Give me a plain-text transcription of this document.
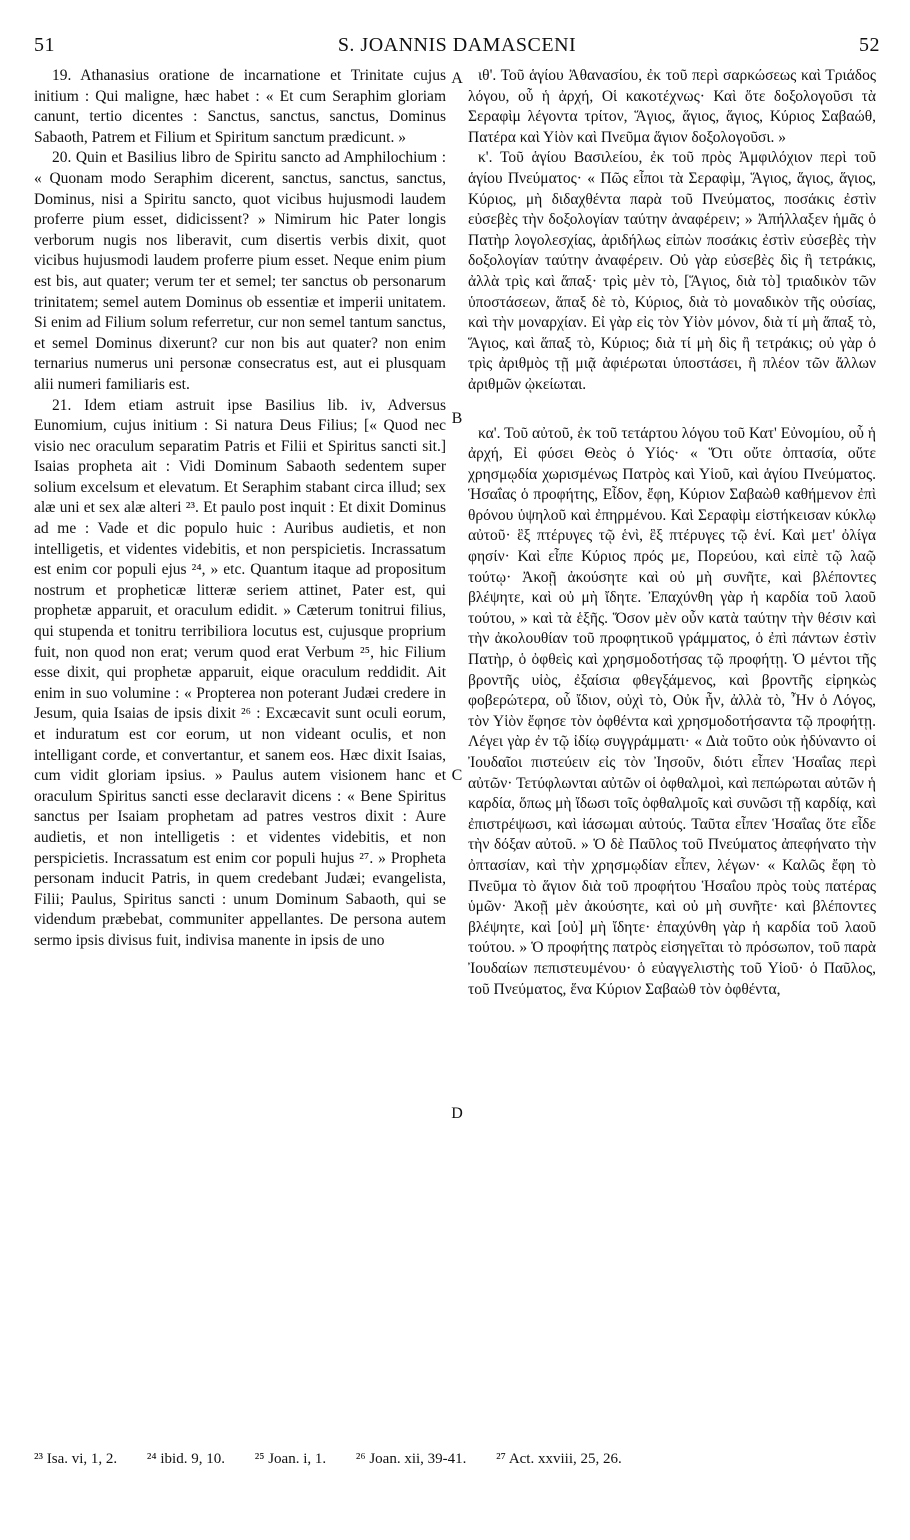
51	S. JOANNIS DAMASCENI	52

19. Athanasius oratione de incarnatione et Trinitate cujus initium : Qui maligne, hæc habet : « Et cum Seraphim gloriam canunt, tertio dicentes : Sanctus, sanctus, sanctus, Dominus Sabaoth, Patrem et Filium et Spiritum sanctum prædicunt. »

20. Quin et Basilius libro de Spiritu sancto ad Amphilochium : « Quonam modo Seraphim dicerent, sanctus, sanctus, sanctus, Dominus, nisi a Spiritu sancto, quot vicibus hujusmodi laudem proferre pium esset, didicissent? » Nimirum hic Pater longis verborum nugis nos liberavit, cum disertis verbis dixit, quot vicibus hujusmodi laudem proferre pium esset. Neque enim pium est bis, aut quater; verum ter et semel; ter sanctus ob personarum trinitatem; semel autem Dominus ob essentiæ et imperii unitatem. Si enim ad Filium solum referretur, cur non semel tantum sanctus, et semel Dominus dixerunt? cur non bis aut quater? non enim ternarius numerus uni personæ consecratus est, aut ei plusquam alii numeri familiaris est.

21. Idem etiam astruit ipse Basilius lib. iv, Adversus Eunomium, cujus initium : Si natura Deus Filius; [« Quod nec visio nec oraculum separatim Patris et Filii et Spiritus sancti sit.] Isaias propheta ait : Vidi Dominum Sabaoth sedentem super solium excelsum et elevatum. Et Seraphim stabant circa illud; sex alæ uni et sex alæ alteri ²³. Et paulo post inquit : Et dixit Dominus ad me : Vade et dic populo huic : Auribus audietis, et non intelligetis, et videntes videbitis, et non perspicietis. Incrassatum est enim cor populi ejus ²⁴, » etc. Quantum itaque ad propositum nostrum et propheticæ litteræ seriem attinet, Pater est, qui prophetæ apparuit, et oraculum edidit. » Cæterum tonitrui filius, qui stupenda et tonitru terribiliora locutus est, cujusque proprium fuit, non quod non erat; verum quod erat Verbum ²⁵, hic Filium esse dixit, qui prophetæ apparuit, eique oraculum reddidit. Ait enim in suo volumine : « Propterea non poterant Judæi credere in Jesum, quia Isaias de ipsis dixit ²⁶ : Excæcavit sunt oculi eorum, et induratum est cor eorum, ut non videant oculis, et non intelligant corde, et convertantur, et sanem eos. Hæc dixit Isaias, cum vidit gloriam ipsius. » Paulus autem visionem hanc et oraculum Spiritus sancti esse declaravit dicens : « Bene Spiritus sanctus per Isaiam prophetam ad patres vestros dixit : Aure audietis, et non intelligetis : et videntes videbitis, et non perspicietis. Incrassatum est enim cor populi hujus ²⁷. » Propheta personam inducit Patris, in quem credebant Judæi; evangelista, Filii; Paulus, Spiritus sancti : unum Dominum Sabaoth, qui se videndum præbebat, communiter appellantes. De persona autem sermo ipsis divisus fuit, indivisa manente in ipsis de uno

A
B
C
D

ιθ'. Τοῦ ἁγίου Ἀθανασίου, ἐκ τοῦ περὶ σαρκώσεως καὶ Τριάδος λόγου, οὗ ἡ ἀρχή, Οἱ κακοτέχνως· Καὶ ὅτε δοξολογοῦσι τὰ Σεραφὶμ λέγοντα τρίτον, Ἅγιος, ἅγιος, ἅγιος, Κύριος Σαβαώθ, Πατέρα καὶ Υἱὸν καὶ Πνεῦμα ἅγιον δοξολογοῦσι. »

κ'. Τοῦ ἁγίου Βασιλείου, ἐκ τοῦ πρὸς Ἀμφιλόχιον περὶ τοῦ ἁγίου Πνεύματος· « Πῶς εἶποι τὰ Σεραφὶμ, Ἅγιος, ἅγιος, ἅγιος, Κύριος, μὴ διδαχθέντα παρὰ τοῦ Πνεύματος, ποσάκις ἐστὶν εὐσεβὲς τὴν δοξολογίαν ταύτην ἀναφέρειν; » Ἀπήλλαξεν ἡμᾶς ὁ Πατὴρ λογολεσχίας, ἀριδήλως εἰπὼν ποσάκις ἐστὶν εὐσεβὲς τὴν δοξολογίαν ταύτην ἀναφέρειν. Οὐ γὰρ εὐσεβὲς δὶς ἢ τετράκις, ἀλλὰ τρὶς καὶ ἅπαξ· τρὶς μὲν τὸ, [Ἅγιος, διὰ τὸ] τριαδικὸν τῶν ὑποστάσεων, ἅπαξ δὲ τὸ, Κύριος, διὰ τὸ μοναδικὸν τῆς οὐσίας, καὶ τὴν μοναρχίαν. Εἰ γὰρ εἰς τὸν Υἱὸν μόνον, διὰ τί μὴ ἅπαξ τὸ, Ἅγιος, καὶ ἅπαξ τὸ, Κύριος; διὰ τί μὴ δὶς ἢ τετράκις; οὐ γὰρ ὁ τρὶς ἀριθμὸς τῇ μιᾷ ἀφιέρωται ὑποστάσει, ἢ πλέον τῶν ἄλλων ἀριθμῶν ᾠκείωται.

κα'. Τοῦ αὐτοῦ, ἐκ τοῦ τετάρτου λόγου τοῦ Κατ' Εὐνομίου, οὗ ἡ ἀρχή, Εἰ φύσει Θεὸς ὁ Υἱός· « Ὅτι οὔτε ὀπτασία, οὔτε χρησμῳδία χωρισμένως Πατρὸς καὶ Υἱοῦ, καὶ ἁγίου Πνεύματος. Ἡσαΐας ὁ προφήτης, Εἶδον, ἔφη, Κύριον Σαβαὼθ καθήμενον ἐπὶ θρόνου ὑψηλοῦ καὶ ἐπηρμένου. Καὶ Σεραφὶμ εἱστήκεισαν κύκλῳ αὐτοῦ· ἓξ πτέρυγες τῷ ἑνὶ, ἓξ πτέρυγες τῷ ἑνί. Καὶ μετ' ὀλίγα φησίν· Καὶ εἶπε Κύριος πρός με, Πορεύου, καὶ εἰπὲ τῷ λαῷ τούτῳ· Ἀκοῇ ἀκούσητε καὶ οὐ μὴ συνῆτε, καὶ βλέποντες βλέψητε, καὶ οὐ μὴ ἴδητε. Ἐπαχύνθη γὰρ ἡ καρδία τοῦ λαοῦ τούτου, » καὶ τὰ ἑξῆς. Ὅσον μὲν οὖν κατὰ ταύτην τὴν θέσιν καὶ τὴν ἀκολουθίαν τοῦ προφητικοῦ γράμματος, ὁ ἐπὶ πάντων ἐστὶν Πατὴρ, ὁ ὀφθεὶς καὶ χρησμοδοτήσας τῷ προφήτῃ. Ὁ μέντοι τῆς βροντῆς υἱὸς, ἐξαίσια φθεγξάμενος, καὶ βροντῆς εἰρηκὼς φοβερώτερα, οὗ ἴδιον, οὐχὶ τὸ, Οὐκ ἦν, ἀλλὰ τὸ, Ἦν ὁ Λόγος, τὸν Υἱὸν ἔφησε τὸν ὀφθέντα καὶ χρησμοδοτήσαντα τῷ προφήτῃ. Λέγει γὰρ ἐν τῷ ἰδίῳ συγγράμματι· « Διὰ τοῦτο οὐκ ἠδύναντο οἱ Ἰουδαῖοι πιστεύειν εἰς τὸν Ἰησοῦν, διότι εἶπεν Ἡσαΐας περὶ αὐτῶν· Τετύφλωνται αὐτῶν οἱ ὀφθαλμοὶ, καὶ πεπώρωται αὐτῶν ἡ καρδία, ὅπως μὴ ἴδωσι τοῖς ὀφθαλμοῖς καὶ συνῶσι τῇ καρδίᾳ, καὶ ἐπιστρέψωσι, καὶ ἰάσωμαι αὐτούς. Ταῦτα εἶπεν Ἡσαΐας ὅτε εἶδε τὴν δόξαν αὐτοῦ. » Ὁ δὲ Παῦλος τοῦ Πνεύματος ἀπεφήνατο τὴν ὀπτασίαν, καὶ τὴν χρησμῳδίαν εἶπεν, λέγων· « Καλῶς ἔφη τὸ Πνεῦμα τὸ ἅγιον διὰ τοῦ προφήτου Ἡσαΐου πρὸς τοὺς πατέρας ὑμῶν· Ἀκοῇ μὲν ἀκούσητε, καὶ οὐ μὴ συνῆτε· καὶ βλέποντες βλέψητε, καὶ [οὐ] μὴ ἴδητε· ἐπαχύνθη γὰρ ἡ καρδία τοῦ λαοῦ τούτου. » Ὁ προφήτης πατρὸς εἰσηγεῖται τὸ πρόσωπον, τοῦ παρὰ Ἰουδαίων πεπιστευμένου· ὁ εὐαγγελιστὴς τοῦ Υἱοῦ· ὁ Παῦλος, τοῦ Πνεύματος, ἕνα Κύριον Σαβαὼθ τὸν ὀφθέντα,

²³ Isa. vi, 1, 2. ²⁴ ibid. 9, 10. ²⁵ Joan. i, 1. ²⁶ Joan. xii, 39-41. ²⁷ Act. xxviii, 25, 26.
